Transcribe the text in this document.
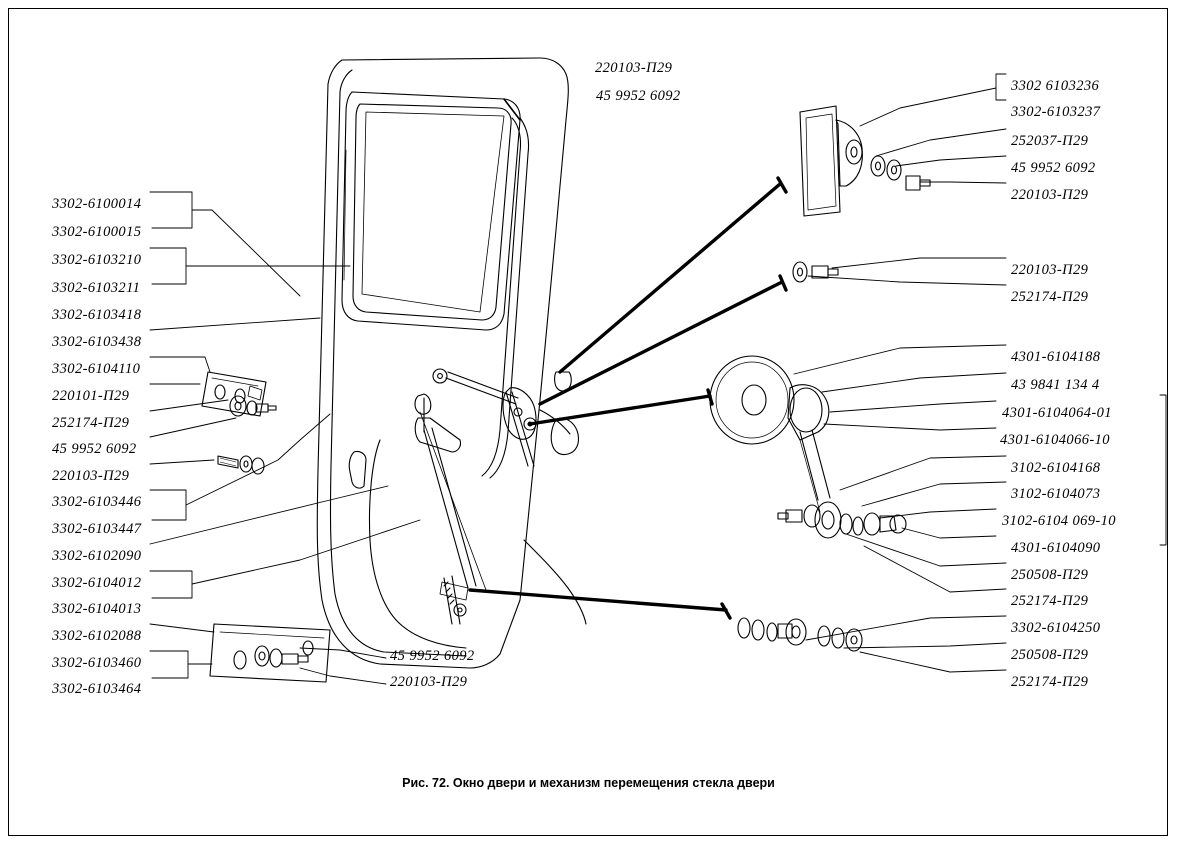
220103-П29
45 9952 6092
3302 6103236
3302-6103237
252037-П29
45 9952 6092
220103-П29
220103-П29
252174-П29
4301-6104188
43 9841 134 4
4301-6104064-01
4301-6104066-10
3102-6104168
3102-6104073
3102-6104 069-10
4301-6104090
250508-П29
252174-П29
3302-6104250
250508-П29
252174-П29
3302-6100014
3302-6100015
3302-6103210
3302-6103211
3302-6103418
3302-6103438
3302-6104110
220101-П29
252174-П29
45 9952 6092
220103-П29
3302-6103446
3302-6103447
3302-6102090
3302-6104012
3302-6104013
3302-6102088
3302-6103460
3302-6103464
45 9952 6092
220103-П29
Рис. 72. Окно двери и механизм перемещения стекла двери
